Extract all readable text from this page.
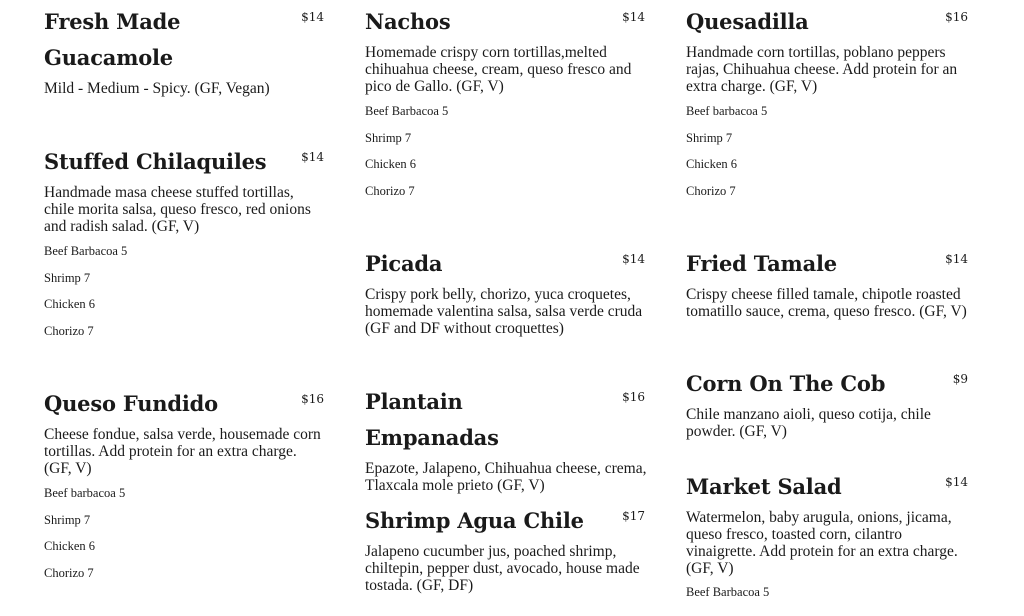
Fresh Made Guacamole
$14

Mild - Medium - Spicy. (GF, Vegan)

Stuffed Chilaquiles	$14

Handmade masa cheese stuffed tortillas, chile morita salsa, queso fresco, red onions and radish salad. (GF, V)

Beef Barbacoa 5
Shrimp 7
Chicken 6
Chorizo 7
Queso Fundido	$16

Cheese fondue, salsa verde, housemade corn tortillas. Add protein for an extra charge. (GF, V)

Beef barbacoa 5
Shrimp 7
Chicken 6
Chorizo 7
Nachos	$14

Homemade crispy corn tortillas,melted chihuahua cheese, cream, queso fresco and pico de Gallo. (GF, V)

Beef Barbacoa 5
Shrimp 7
Chicken 6
Chorizo 7
Picada	$14

Crispy pork belly, chorizo, yuca croquetes, homemade valentina salsa, salsa verde cruda (GF and DF without croquettes)

Plantain Empanadas
$16

Epazote, Jalapeno, Chihuahua cheese, crema, Tlaxcala mole prieto (GF, V)

Shrimp Agua Chile	$17

Jalapeno cucumber jus, poached shrimp, chiltepin, pepper dust, avocado, house made tostada. (GF, DF)

Quesadilla	$16

Handmade corn tortillas, poblano peppers rajas, Chihuahua cheese. Add protein for an extra charge. (GF, V)

Beef barbacoa 5
Shrimp 7
Chicken 6
Chorizo 7
Fried Tamale	$14

Crispy cheese filled tamale, chipotle roasted tomatillo sauce, crema, queso fresco. (GF, V)

Corn On The Cob	$9

Chile manzano aioli, queso cotija, chile powder. (GF, V)

Market Salad	$14

Watermelon, baby arugula, onions, jicama, queso fresco, toasted corn, cilantro vinaigrette. Add protein for an extra charge. (GF, V)

Beef Barbacoa 5
